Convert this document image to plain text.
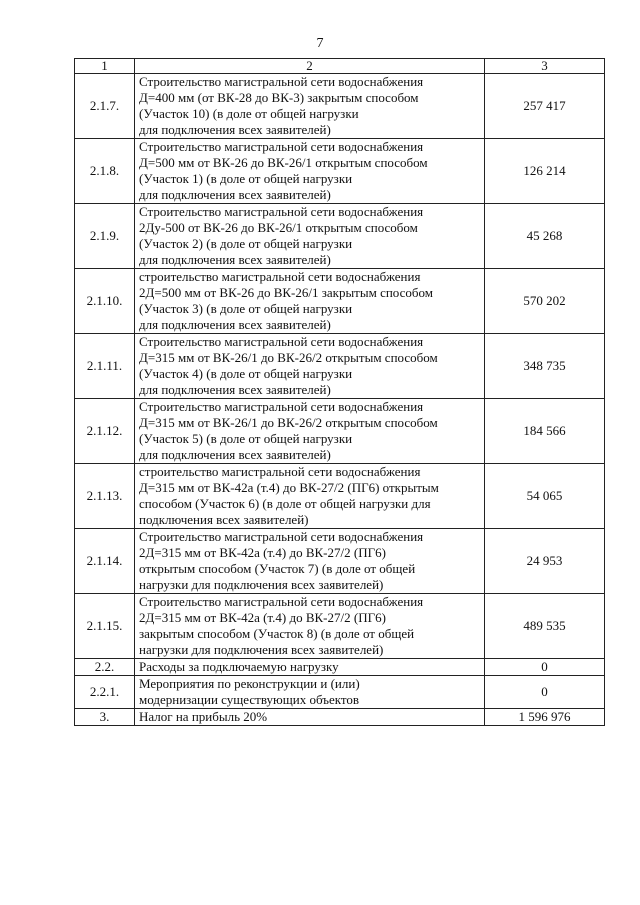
7
1	2	3
2.1.7.	Строительство магистральной сети водоснабжения
Д=400 мм (от ВК-28 до ВК-3) закрытым способом
(Участок 10) (в доле от общей нагрузки
для подключения всех заявителей)	257 417
2.1.8.	Строительство магистральной сети водоснабжения
Д=500 мм от ВК-26 до ВК-26/1 открытым способом
(Участок 1) (в доле от общей нагрузки
для подключения всех заявителей)	126 214
2.1.9.	Строительство магистральной сети водоснабжения
2Ду-500 от ВК-26 до ВК-26/1 открытым способом
(Участок 2) (в доле от общей нагрузки
для подключения всех заявителей)	45 268
2.1.10.	строительство магистральной сети водоснабжения
2Д=500 мм от ВК-26 до ВК-26/1 закрытым способом
(Участок 3) (в доле от общей нагрузки
для подключения всех заявителей)	570 202
2.1.11.	Строительство магистральной сети водоснабжения
Д=315 мм от ВК-26/1 до ВК-26/2 открытым способом
(Участок 4) (в доле от общей нагрузки
для подключения всех заявителей)	348 735
2.1.12.	Строительство магистральной сети водоснабжения
Д=315 мм от ВК-26/1 до ВК-26/2 открытым способом
(Участок 5) (в доле от общей нагрузки
для подключения всех заявителей)	184 566
2.1.13.	строительство магистральной сети водоснабжения
Д=315 мм от ВК-42а (т.4) до ВК-27/2 (ПГ6) открытым
способом (Участок 6) (в доле от общей нагрузки для
подключения всех заявителей)	54 065
2.1.14.	Строительство магистральной сети водоснабжения
2Д=315 мм от ВК-42а (т.4) до ВК-27/2 (ПГ6)
открытым способом (Участок 7) (в доле от общей
нагрузки для подключения всех заявителей)	24 953
2.1.15.	Строительство магистральной сети водоснабжения
2Д=315 мм от ВК-42а (т.4) до ВК-27/2 (ПГ6)
закрытым способом (Участок 8) (в доле от общей
нагрузки для подключения всех заявителей)	489 535
2.2.	Расходы за подключаемую нагрузку	0
2.2.1.	Мероприятия по реконструкции и (или)
модернизации существующих объектов	0
3.	Налог на прибыль 20%	1 596 976
